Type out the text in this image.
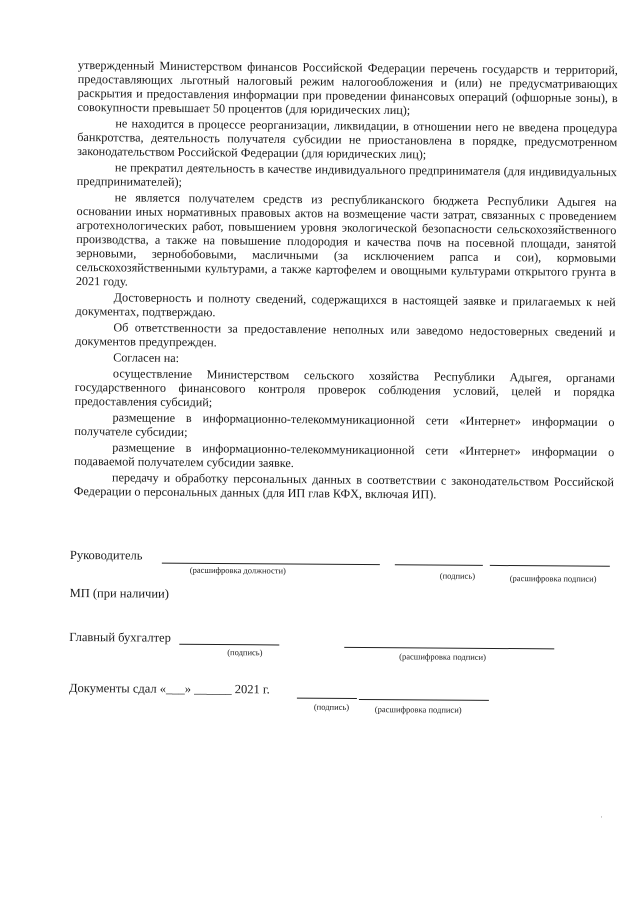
утвержденный Министерством финансов Российской Федерации перечень государств и территорий, предоставляющих льготный налоговый режим налогообложения и (или) не предусматривающих раскрытия и предоставления информации при проведении финансовых операций (офшорные зоны), в совокупности превышает 50 процентов (для юридических лиц);

не находится в процессе реорганизации, ликвидации, в отношении него не введена процедура банкротства, деятельность получателя субсидии не приостановлена в порядке, предусмотренном законодательством Российской Федерации (для юридических лиц);

не прекратил деятельность в качестве индивидуального предпринимателя (для индивидуальных предпринимателей);

не является получателем средств из республиканского бюджета Республики Адыгея на основании иных нормативных правовых актов на возмещение части затрат, связанных с проведением агротехнологических работ, повышением уровня экологической безопасности сельскохозяйственного производства, а также на повышение плодородия и качества почв на посевной площади, занятой зерновыми, зернобобовыми, масличными (за исключением рапса и сои), кормовыми сельскохозяйственными культурами, а также картофелем и овощными культурами открытого грунта в 2021 году.

Достоверность и полноту сведений, содержащихся в настоящей заявке и прилагаемых к ней документах, подтверждаю.

Об ответственности за предоставление неполных или заведомо недостоверных сведений и документов предупрежден.

Согласен на:

осуществление Министерством сельского хозяйства Республики Адыгея, органами государственного финансового контроля проверок соблюдения условий, целей и порядка предоставления субсидий;

размещение в информационно-телекоммуникационной сети «Интернет» информации о получателе субсидии;

размещение в информационно-телекоммуникационной сети «Интернет» информации о подаваемой получателем субсидии заявке.

передачу и обработку персональных данных в соответствии с законодательством Российской Федерации о персональных данных (для ИП глав КФХ, включая ИП).

Руководитель
(расшифровка должности)
(подпись)	(расшифровка подписи)
МП (при наличии)
Главный бухгалтер
(подпись)	(расшифровка подписи)
Документы сдал «___» ______ 2021 г.
(подпись)	(расшифровка подписи)
·
